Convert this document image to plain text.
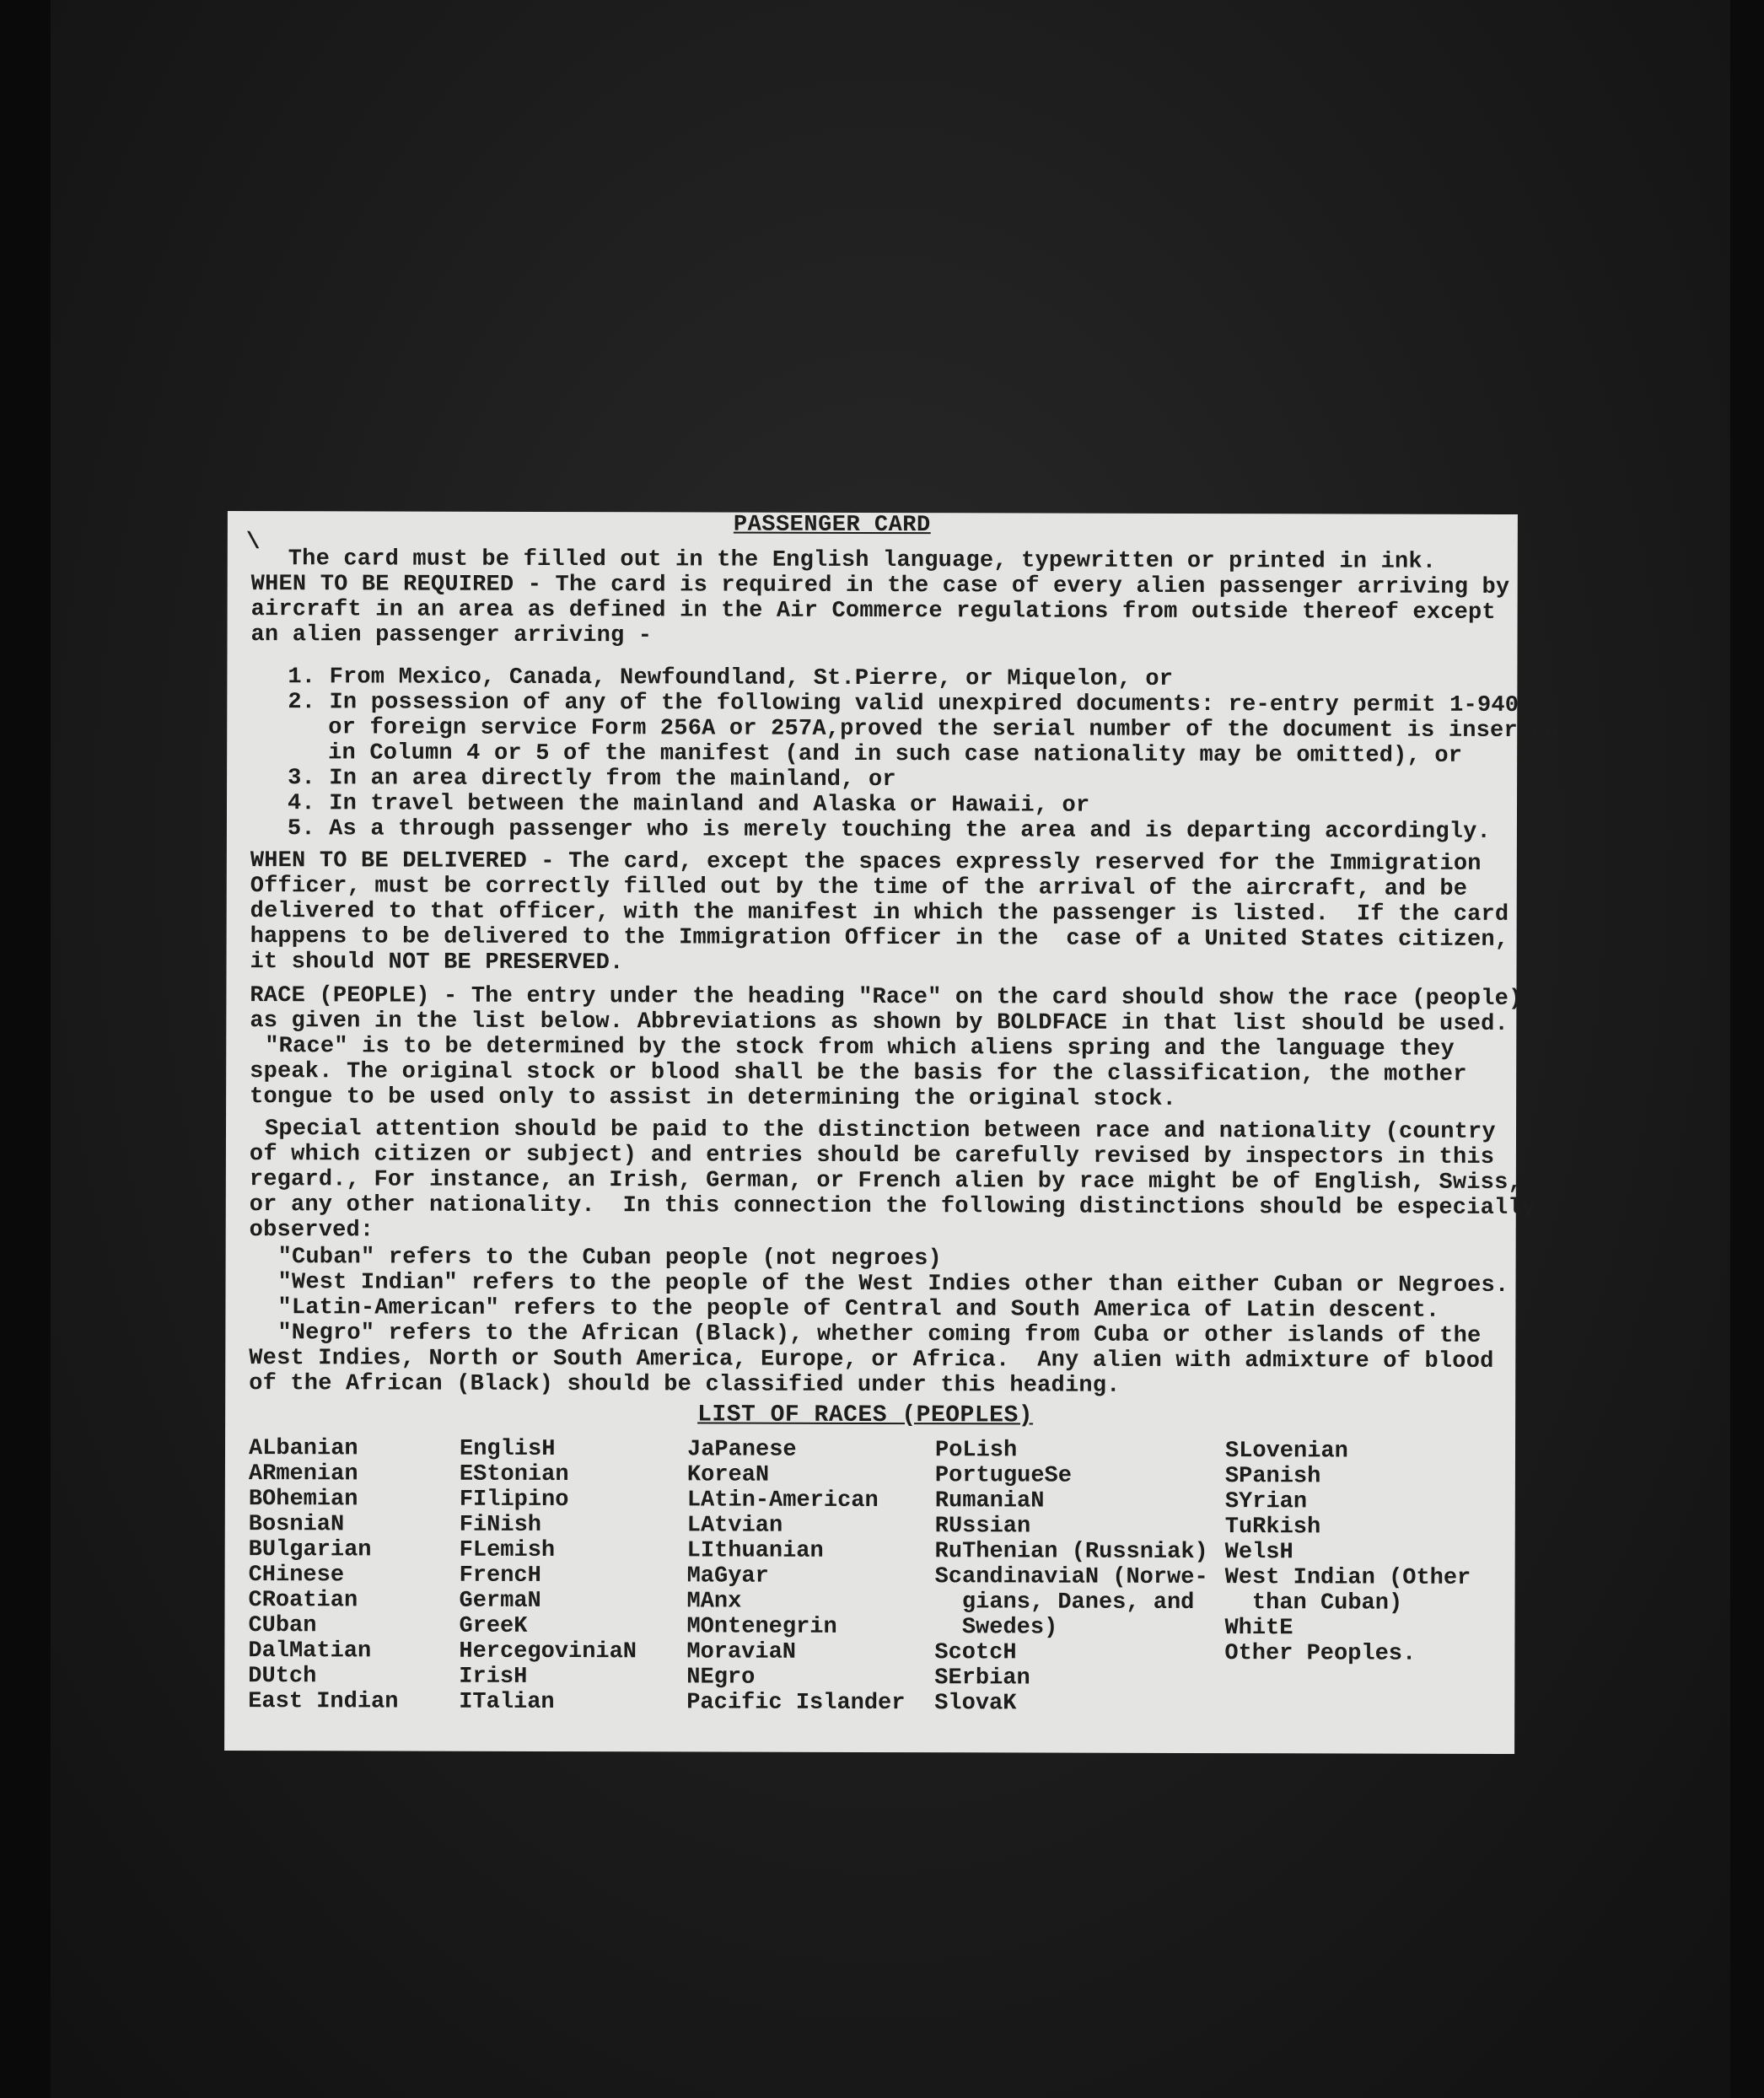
PASSENGER CARD
\
The card must be filled out in the English language, typewritten or printed in ink.
WHEN TO BE REQUIRED - The card is required in the case of every alien passenger arriving by
aircraft in an area as defined in the Air Commerce regulations from outside thereof except
an alien passenger arriving -
1. From Mexico, Canada, Newfoundland, St.Pierre, or Miquelon, or
2. In possession of any of the following valid unexpired documents: re-entry permit 1-940,
or foreign service Form 256A or 257A,proved the serial number of the document is inserted
in Column 4 or 5 of the manifest (and in such case nationality may be omitted), or
3. In an area directly from the mainland, or
4. In travel between the mainland and Alaska or Hawaii, or
5. As a through passenger who is merely touching the area and is departing accordingly.
WHEN TO BE DELIVERED - The card, except the spaces expressly reserved for the Immigration
Officer, must be correctly filled out by the time of the arrival of the aircraft, and be
delivered to that officer, with the manifest in which the passenger is listed.  If the card
happens to be delivered to the Immigration Officer in the  case of a United States citizen,
it should NOT BE PRESERVED.
RACE (PEOPLE) - The entry under the heading "Race" on the card should show the race (people)
as given in the list below. Abbreviations as shown by BOLDFACE in that list should be used.
"Race" is to be determined by the stock from which aliens spring and the language they
speak. The original stock or blood shall be the basis for the classification, the mother
tongue to be used only to assist in determining the original stock.
Special attention should be paid to the distinction between race and nationality (country
of which citizen or subject) and entries should be carefully revised by inspectors in this
regard., For instance, an Irish, German, or French alien by race might be of English, Swiss,
or any other nationality.  In this connection the following distinctions should be especially
observed:
"Cuban" refers to the Cuban people (not negroes)
"West Indian" refers to the people of the West Indies other than either Cuban or Negroes.
"Latin-American" refers to the people of Central and South America of Latin descent.
"Negro" refers to the African (Black), whether coming from Cuba or other islands of the
West Indies, North or South America, Europe, or Africa.  Any alien with admixture of blood
of the African (Black) should be classified under this heading.
LIST OF RACES (PEOPLES)
ALbanian
ARmenian
BOhemian
BosniaN
BUlgarian
CHinese
CRoatian
CUban
DalMatian
DUtch
East Indian
EnglisH
EStonian
FIlipino
FiNish
FLemish
FrencH
GermaN
GreeK
HercegoviniaN
IrisH
ITalian
JaPanese
KoreaN
LAtin-American
LAtvian
LIthuanian
MaGyar
MAnx
MOntenegrin
MoraviaN
NEgro
Pacific Islander
PoLish
PortugueSe
RumaniaN
RUssian
RuThenian (Russniak)
ScandinaviaN (Norwe-
gians, Danes, and
Swedes)
ScotcH
SErbian
SlovaK
SLovenian
SPanish
SYrian
TuRkish
WelsH
West Indian (Other
than Cuban)
WhitE
Other Peoples.
